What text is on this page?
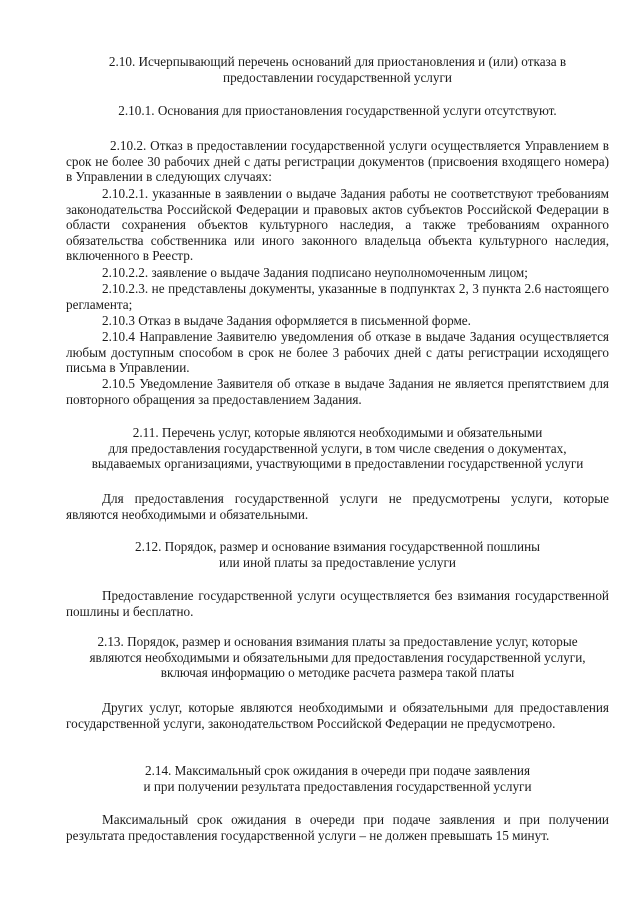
2.10. Исчерпывающий перечень оснований для приостановления и (или) отказа в
предоставлении государственной услуги

2.10.1. Основания для приостановления государственной услуги отсутствуют.

2.10.2. Отказ в предоставлении государственной услуги осуществляется Управлением в срок не более 30 рабочих дней с даты регистрации документов (присвоения входящего номера) в Управлении в следующих случаях:

2.10.2.1. указанные в заявлении о выдаче Задания работы не соответствуют требованиям законодательства Российской Федерации и правовых актов субъектов Российской Федерации в области сохранения объектов культурного наследия, а также требованиям охранного обязательства собственника или иного законного владельца объекта культурного наследия, включенного в Реестр.

2.10.2.2. заявление о выдаче Задания подписано неуполномоченным лицом;

2.10.2.3. не представлены документы, указанные в подпунктах 2, 3 пункта 2.6 настоящего регламента;

2.10.3 Отказ в выдаче Задания оформляется в письменной форме.

2.10.4 Направление Заявителю уведомления об отказе в выдаче Задания осуществляется любым доступным способом в срок не более 3 рабочих дней с даты регистрации исходящего письма в Управлении.

2.10.5 Уведомление Заявителя об отказе в выдаче Задания не является препятствием для повторного обращения за предоставлением Задания.

2.11. Перечень услуг, которые являются необходимыми и обязательными
для предоставления государственной услуги, в том числе сведения о документах,
выдаваемых организациями, участвующими в предоставлении государственной услуги

Для предоставления государственной услуги не предусмотрены услуги, которые являются необходимыми и обязательными.

2.12. Порядок, размер и основание взимания государственной пошлины
или иной платы за предоставление услуги

Предоставление государственной услуги осуществляется без взимания государственной пошлины и бесплатно.

2.13. Порядок, размер и основания взимания платы за предоставление услуг, которые
являются необходимыми и обязательными для предоставления государственной услуги,
включая информацию о методике расчета размера такой платы

Других услуг, которые являются необходимыми и обязательными для предоставления государственной услуги, законодательством Российской Федерации не предусмотрено.

2.14. Максимальный срок ожидания в очереди при подаче заявления
и при получении результата предоставления государственной услуги

Максимальный срок ожидания в очереди при подаче заявления и при получении результата предоставления государственной услуги – не должен превышать 15 минут.
